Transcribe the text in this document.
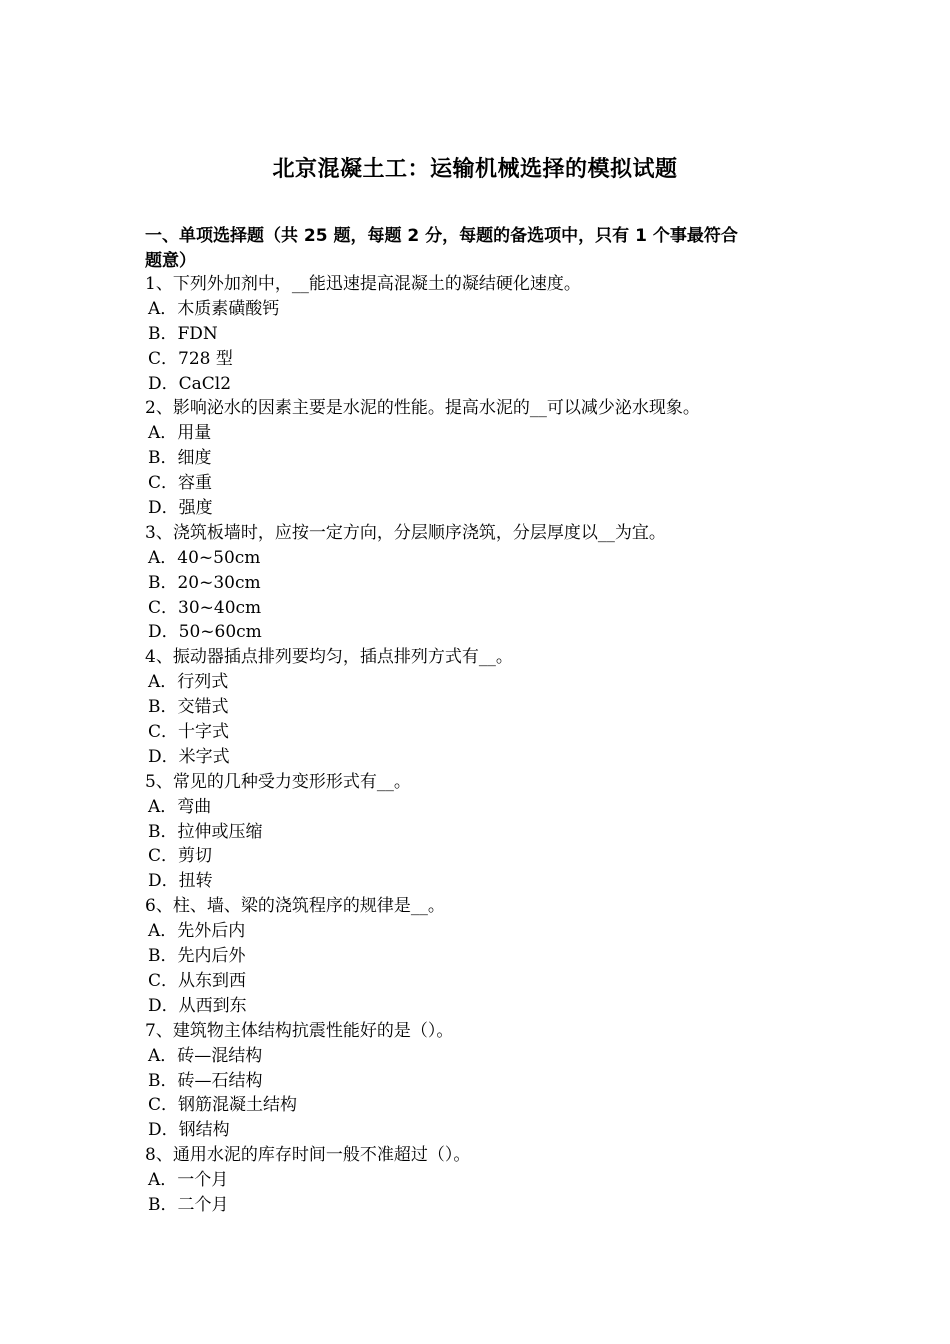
北京混凝土工：运输机械选择的模拟试题
一、单项选择题（共 25 题，每题 2 分，每题的备选项中，只有 1 个事最符合
题意）
1、下列外加剂中，__能迅速提高混凝土的凝结硬化速度。
A．木质素磺酸钙
B．FDN
C．728 型
D．CaCl2
2、影响泌水的因素主要是水泥的性能。提高水泥的__可以减少泌水现象。
A．用量
B．细度
C．容重
D．强度
3、浇筑板墙时，应按一定方向，分层顺序浇筑，分层厚度以__为宜。
A．40~50cm
B．20~30cm
C．30~40cm
D．50~60cm
4、振动器插点排列要均匀，插点排列方式有__。
A．行列式
B．交错式
C．十字式
D．米字式
5、常见的几种受力变形形式有__。
A．弯曲
B．拉伸或压缩
C．剪切
D．扭转
6、柱、墙、梁的浇筑程序的规律是__。
A．先外后内
B．先内后外
C．从东到西
D．从西到东
7、建筑物主体结构抗震性能好的是（）。
A．砖—混结构
B．砖—石结构
C．钢筋混凝土结构
D．钢结构
8、通用水泥的库存时间一般不准超过（）。
A．一个月
B．二个月
